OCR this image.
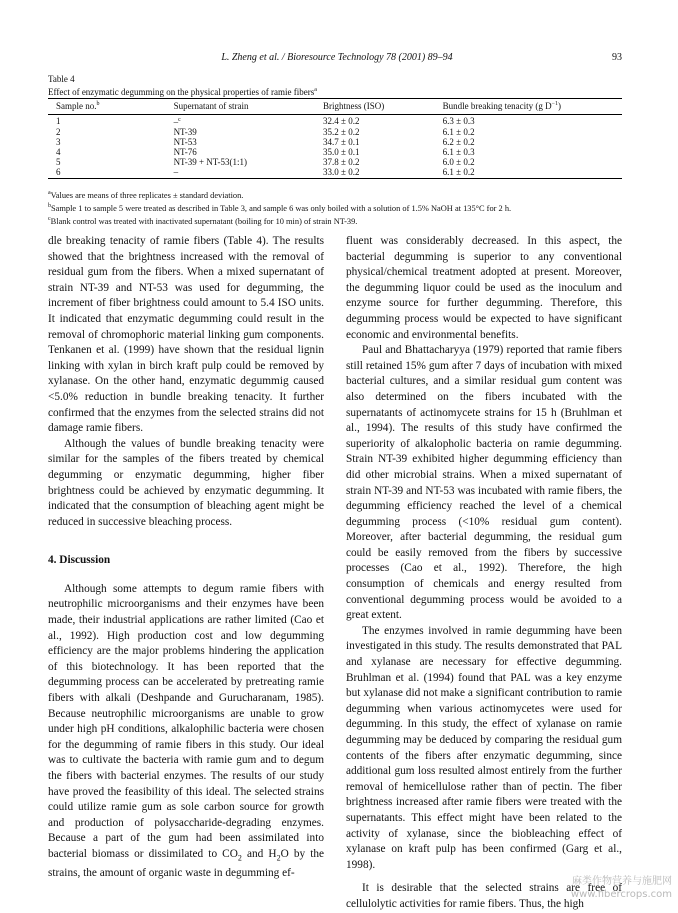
L. Zheng et al. / Bioresource Technology 78 (2001) 89–94	93
Table 4
Effect of enzymatic degumming on the physical properties of ramie fibers$^a$
Sample no.$^b$	Supernatant of strain	Brightness (ISO)	Bundle breaking tenacity (g $D^{-1}$)
1	–$^c$	32.4 ± 0.2	6.3 ± 0.3
2	NT-39	35.2 ± 0.2	6.1 ± 0.2
3	NT-53	34.7 ± 0.1	6.2 ± 0.2
4	NT-76	35.0 ± 0.1	6.1 ± 0.3
5	NT-39 + NT-53(1:1)	37.8 ± 0.2	6.0 ± 0.2
6	–	33.0 ± 0.2	6.1 ± 0.2
$^a$Values are means of three replicates ± standard deviation.
$^b$Sample 1 to sample 5 were treated as described in Table 3, and sample 6 was only boiled with a solution of 1.5% NaOH at 135°C for 2 h.
$^c$Blank control was treated with inactivated supernatant (boiling for 10 min) of strain NT-39.

dle breaking tenacity of ramie fibers (Table 4). The results showed that the brightness increased with the removal of residual gum from the fibers. When a mixed supernatant of strain NT-39 and NT-53 was used for degumming, the increment of fiber brightness could amount to 5.4 ISO units. It indicated that enzymatic degumming could result in the removal of chromophoric material linking gum components. Tenkanen et al. (1999) have shown that the residual lignin linking with xylan in birch kraft pulp could be removed by xylanase. On the other hand, enzymatic degummig caused <5.0% reduction in bundle breaking tenacity. It further confirmed that the enzymes from the selected strains did not damage ramie fibers.

Although the values of bundle breaking tenacity were similar for the samples of the fibers treated by chemical degumming or enzymatic degumming, higher fiber brightness could be achieved by enzymatic degumming. It indicated that the consumption of bleaching agent might be reduced in successive bleaching process.

4. Discussion

Although some attempts to degum ramie fibers with neutrophilic microorganisms and their enzymes have been made, their industrial applications are rather limited (Cao et al., 1992). High production cost and low degumming efficiency are the major problems hindering the application of this biotechnology. It has been reported that the degumming process can be accelerated by pretreating ramie fibers with alkali (Deshpande and Gurucharanam, 1985). Because neutrophilic microorganisms are unable to grow under high pH conditions, alkalophilic bacteria were chosen for the degumming of ramie fibers in this study. Our ideal was to cultivate the bacteria with ramie gum and to degum the fibers with bacterial enzymes. The results of our study have proved the feasibility of this ideal. The selected strains could utilize ramie gum as sole carbon source for growth and production of polysaccharide-degrading enzymes. Because a part of the gum had been assimilated into bacterial biomass or dissimilated to $CO_2$ and $H_2O$ by the strains, the amount of organic waste in degumming ef-

fluent was considerably decreased. In this aspect, the bacterial degumming is superior to any conventional physical/chemical treatment adopted at present. Moreover, the degumming liquor could be used as the inoculum and enzyme source for further degumming. Therefore, this degumming process would be expected to have significant economic and environmental benefits.

Paul and Bhattacharyya (1979) reported that ramie fibers still retained 15% gum after 7 days of incubation with mixed bacterial cultures, and a similar residual gum content was also determined on the fibers incubated with the supernatants of actinomycete strains for 15 h (Bruhlman et al., 1994). The results of this study have confirmed the superiority of alkalopholic bacteria on ramie degumming. Strain NT-39 exhibited higher degumming efficiency than did other microbial strains. When a mixed supernatant of strain NT-39 and NT-53 was incubated with ramie fibers, the degumming efficiency reached the level of a chemical degumming process (<10% residual gum content). Moreover, after bacterial degumming, the residual gum could be easily removed from the fibers by successive processes (Cao et al., 1992). Therefore, the high consumption of chemicals and energy resulted from conventional degumming process would be avoided to a great extent.

The enzymes involved in ramie degumming have been investigated in this study. The results demonstrated that PAL and xylanase are necessary for effective degumming. Bruhlman et al. (1994) found that PAL was a key enzyme but xylanase did not make a significant contribution to ramie degumming when various actinomycetes were used for degumming. In this study, the effect of xylanase on ramie degumming may be deduced by comparing the residual gum contents of the fibers after enzymatic degumming, since additional gum loss resulted almost entirely from the further removal of hemicellulose rather than of pectin. The fiber brightness increased after ramie fibers were treated with the supernatants. This effect might have been related to the activity of xylanase, since the biobleaching effect of xylanase on kraft pulp has been confirmed (Garg et al., 1998).

It is desirable that the selected strains are free of cellulolytic activities for ramie fibers. Thus, the high

麻类作物营养与施肥网
www.fibercrops.com
